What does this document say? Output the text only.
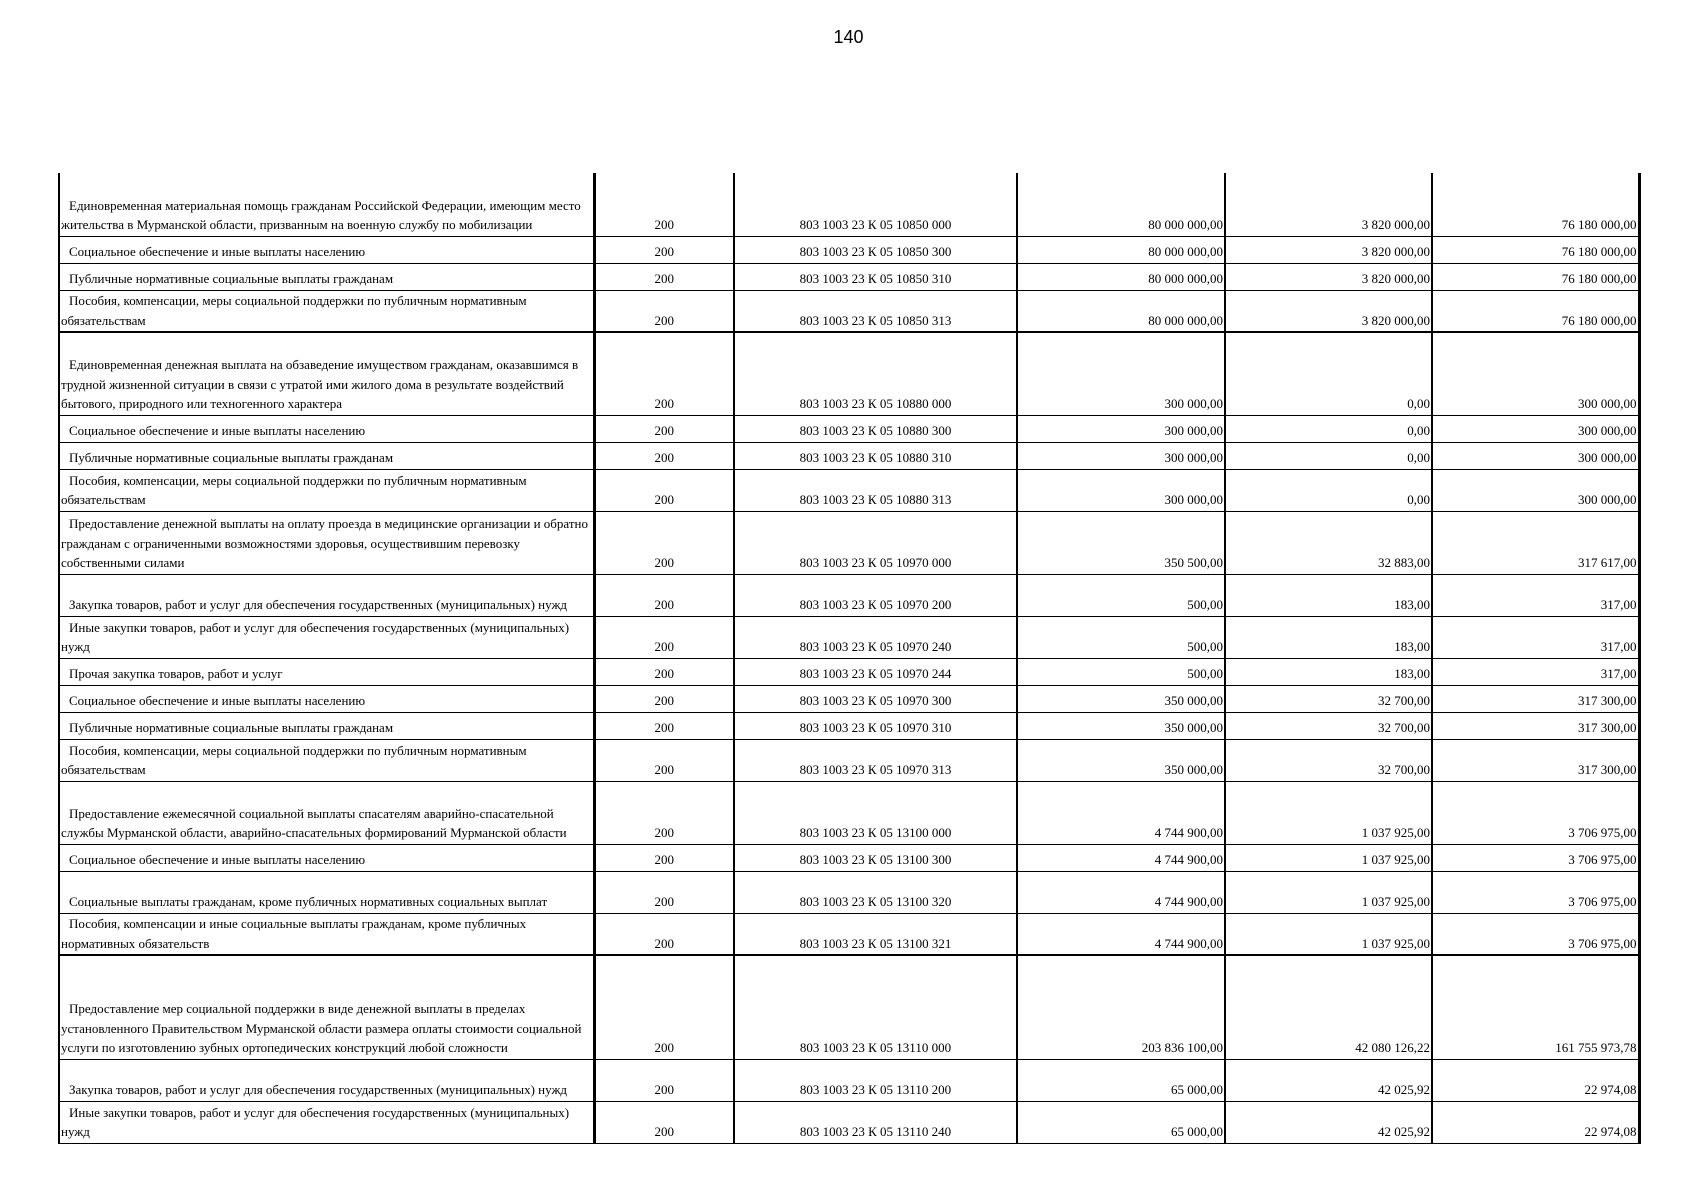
140
Единовременная материальная помощь гражданам Российской Федерации, имеющим место жительства в Мурманской области, призванным на военную службу по мобилизации	200	803 1003 23 К 05 10850 000	80 000 000,00	3 820 000,00	76 180 000,00

Социальное обеспечение и иные выплаты населению	200	803 1003 23 К 05 10850 300	80 000 000,00	3 820 000,00	76 180 000,00

Публичные нормативные социальные выплаты гражданам	200	803 1003 23 К 05 10850 310	80 000 000,00	3 820 000,00	76 180 000,00

Пособия, компенсации, меры социальной поддержки по публичным нормативным обязательствам	200	803 1003 23 К 05 10850 313	80 000 000,00	3 820 000,00	76 180 000,00

Единовременная денежная выплата на обзаведение имуществом гражданам, оказавшимся в трудной жизненной ситуации в связи с утратой ими жилого дома в результате воздействий бытового, природного или техногенного характера	200	803 1003 23 К 05 10880 000	300 000,00	0,00	300 000,00

Социальное обеспечение и иные выплаты населению	200	803 1003 23 К 05 10880 300	300 000,00	0,00	300 000,00

Публичные нормативные социальные выплаты гражданам	200	803 1003 23 К 05 10880 310	300 000,00	0,00	300 000,00

Пособия, компенсации, меры социальной поддержки по публичным нормативным обязательствам	200	803 1003 23 К 05 10880 313	300 000,00	0,00	300 000,00

Предоставление денежной выплаты на оплату проезда в медицинские организации и обратно гражданам с ограниченными возможностями здоровья, осуществившим перевозку собственными силами	200	803 1003 23 К 05 10970 000	350 500,00	32 883,00	317 617,00

Закупка товаров, работ и услуг для обеспечения государственных (муниципальных) нужд	200	803 1003 23 К 05 10970 200	500,00	183,00	317,00

Иные закупки товаров, работ и услуг для обеспечения государственных (муниципальных) нужд	200	803 1003 23 К 05 10970 240	500,00	183,00	317,00

Прочая закупка товаров, работ и услуг	200	803 1003 23 К 05 10970 244	500,00	183,00	317,00

Социальное обеспечение и иные выплаты населению	200	803 1003 23 К 05 10970 300	350 000,00	32 700,00	317 300,00

Публичные нормативные социальные выплаты гражданам	200	803 1003 23 К 05 10970 310	350 000,00	32 700,00	317 300,00

Пособия, компенсации, меры социальной поддержки по публичным нормативным обязательствам	200	803 1003 23 К 05 10970 313	350 000,00	32 700,00	317 300,00

Предоставление ежемесячной социальной выплаты спасателям аварийно-спасательной службы Мурманской области, аварийно-спасательных формирований Мурманской области	200	803 1003 23 К 05 13100 000	4 744 900,00	1 037 925,00	3 706 975,00

Социальное обеспечение и иные выплаты населению	200	803 1003 23 К 05 13100 300	4 744 900,00	1 037 925,00	3 706 975,00

Социальные выплаты гражданам, кроме публичных нормативных социальных выплат	200	803 1003 23 К 05 13100 320	4 744 900,00	1 037 925,00	3 706 975,00

Пособия, компенсации и иные социальные выплаты гражданам, кроме публичных нормативных обязательств	200	803 1003 23 К 05 13100 321	4 744 900,00	1 037 925,00	3 706 975,00

Предоставление мер социальной поддержки в виде денежной выплаты в пределах установленного Правительством Мурманской области размера оплаты стоимости социальной услуги по изготовлению зубных ортопедических конструкций любой сложности	200	803 1003 23 К 05 13110 000	203 836 100,00	42 080 126,22	161 755 973,78

Закупка товаров, работ и услуг для обеспечения государственных (муниципальных) нужд	200	803 1003 23 К 05 13110 200	65 000,00	42 025,92	22 974,08

Иные закупки товаров, работ и услуг для обеспечения государственных (муниципальных) нужд	200	803 1003 23 К 05 13110 240	65 000,00	42 025,92	22 974,08
